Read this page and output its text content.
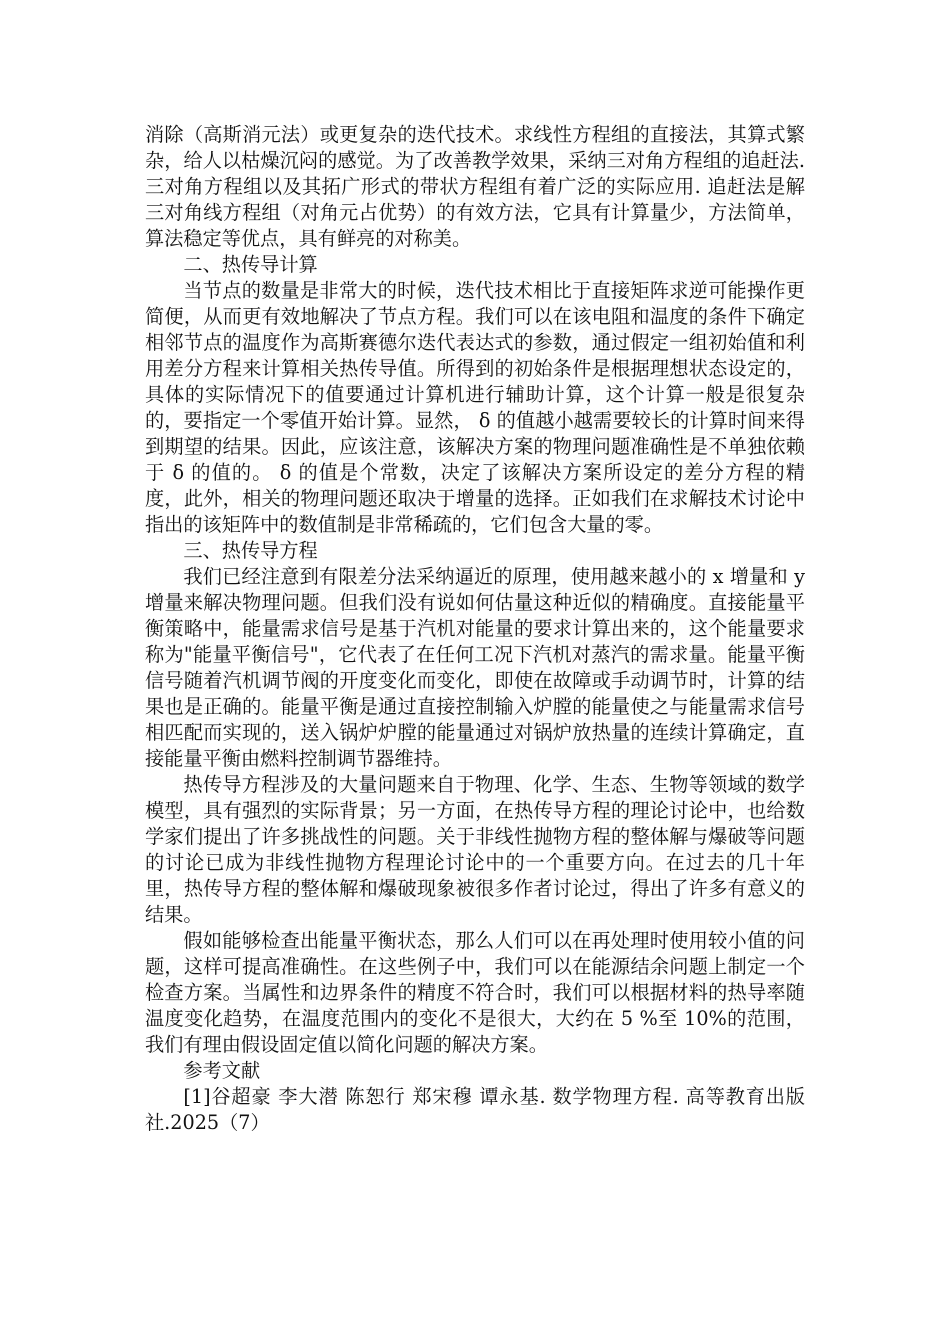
消除（高斯消元法）或更复杂的迭代技术。求线性方程组的直接法，其算式繁杂，给人以枯燥沉闷的感觉。为了改善教学效果，采纳三对角方程组的追赶法.三对角方程组以及其拓广形式的带状方程组有着广泛的实际应用. 追赶法是解三对角线方程组（对角元占优势）的有效方法，它具有计算量少，方法简单，算法稳定等优点，具有鲜亮的对称美。

二、热传导计算

当节点的数量是非常大的时候，迭代技术相比于直接矩阵求逆可能操作更简便，从而更有效地解决了节点方程。我们可以在该电阻和温度的条件下确定相邻节点的温度作为高斯赛德尔迭代表达式的参数，通过假定一组初始值和利用差分方程来计算相关热传导值。所得到的初始条件是根据理想状态设定的，具体的实际情况下的值要通过计算机进行辅助计算，这个计算一般是很复杂的，要指定一个零值开始计算。显然， δ 的值越小越需要较长的计算时间来得到期望的结果。因此，应该注意，该解决方案的物理问题准确性是不单独依赖于 δ 的值的。 δ 的值是个常数，决定了该解决方案所设定的差分方程的精度，此外，相关的物理问题还取决于增量的选择。正如我们在求解技术讨论中指出的该矩阵中的数值制是非常稀疏的，它们包含大量的零。

三、热传导方程

我们已经注意到有限差分法采纳逼近的原理，使用越来越小的 x 增量和 y 增量来解决物理问题。但我们没有说如何估量这种近似的精确度。直接能量平衡策略中，能量需求信号是基于汽机对能量的要求计算出来的，这个能量要求称为"能量平衡信号"，它代表了在任何工况下汽机对蒸汽的需求量。能量平衡信号随着汽机调节阀的开度变化而变化，即使在故障或手动调节时，计算的结果也是正确的。能量平衡是通过直接控制输入炉膛的能量使之与能量需求信号相匹配而实现的，送入锅炉炉膛的能量通过对锅炉放热量的连续计算确定，直接能量平衡由燃料控制调节器维持。

热传导方程涉及的大量问题来自于物理、化学、生态、生物等领域的数学模型，具有强烈的实际背景；另一方面，在热传导方程的理论讨论中，也给数学家们提出了许多挑战性的问题。关于非线性抛物方程的整体解与爆破等问题的讨论已成为非线性抛物方程理论讨论中的一个重要方向。在过去的几十年里，热传导方程的整体解和爆破现象被很多作者讨论过，得出了许多有意义的结果。

假如能够检查出能量平衡状态，那么人们可以在再处理时使用较小值的问题，这样可提高准确性。在这些例子中，我们可以在能源结余问题上制定一个检查方案。当属性和边界条件的精度不符合时，我们可以根据材料的热导率随温度变化趋势，在温度范围内的变化不是很大，大约在 5 %至 10%的范围，我们有理由假设固定值以简化问题的解决方案。

参考文献

[1]谷超豪 李大潜 陈恕行 郑宋穆 谭永基. 数学物理方程. 高等教育出版社.2025（7）
